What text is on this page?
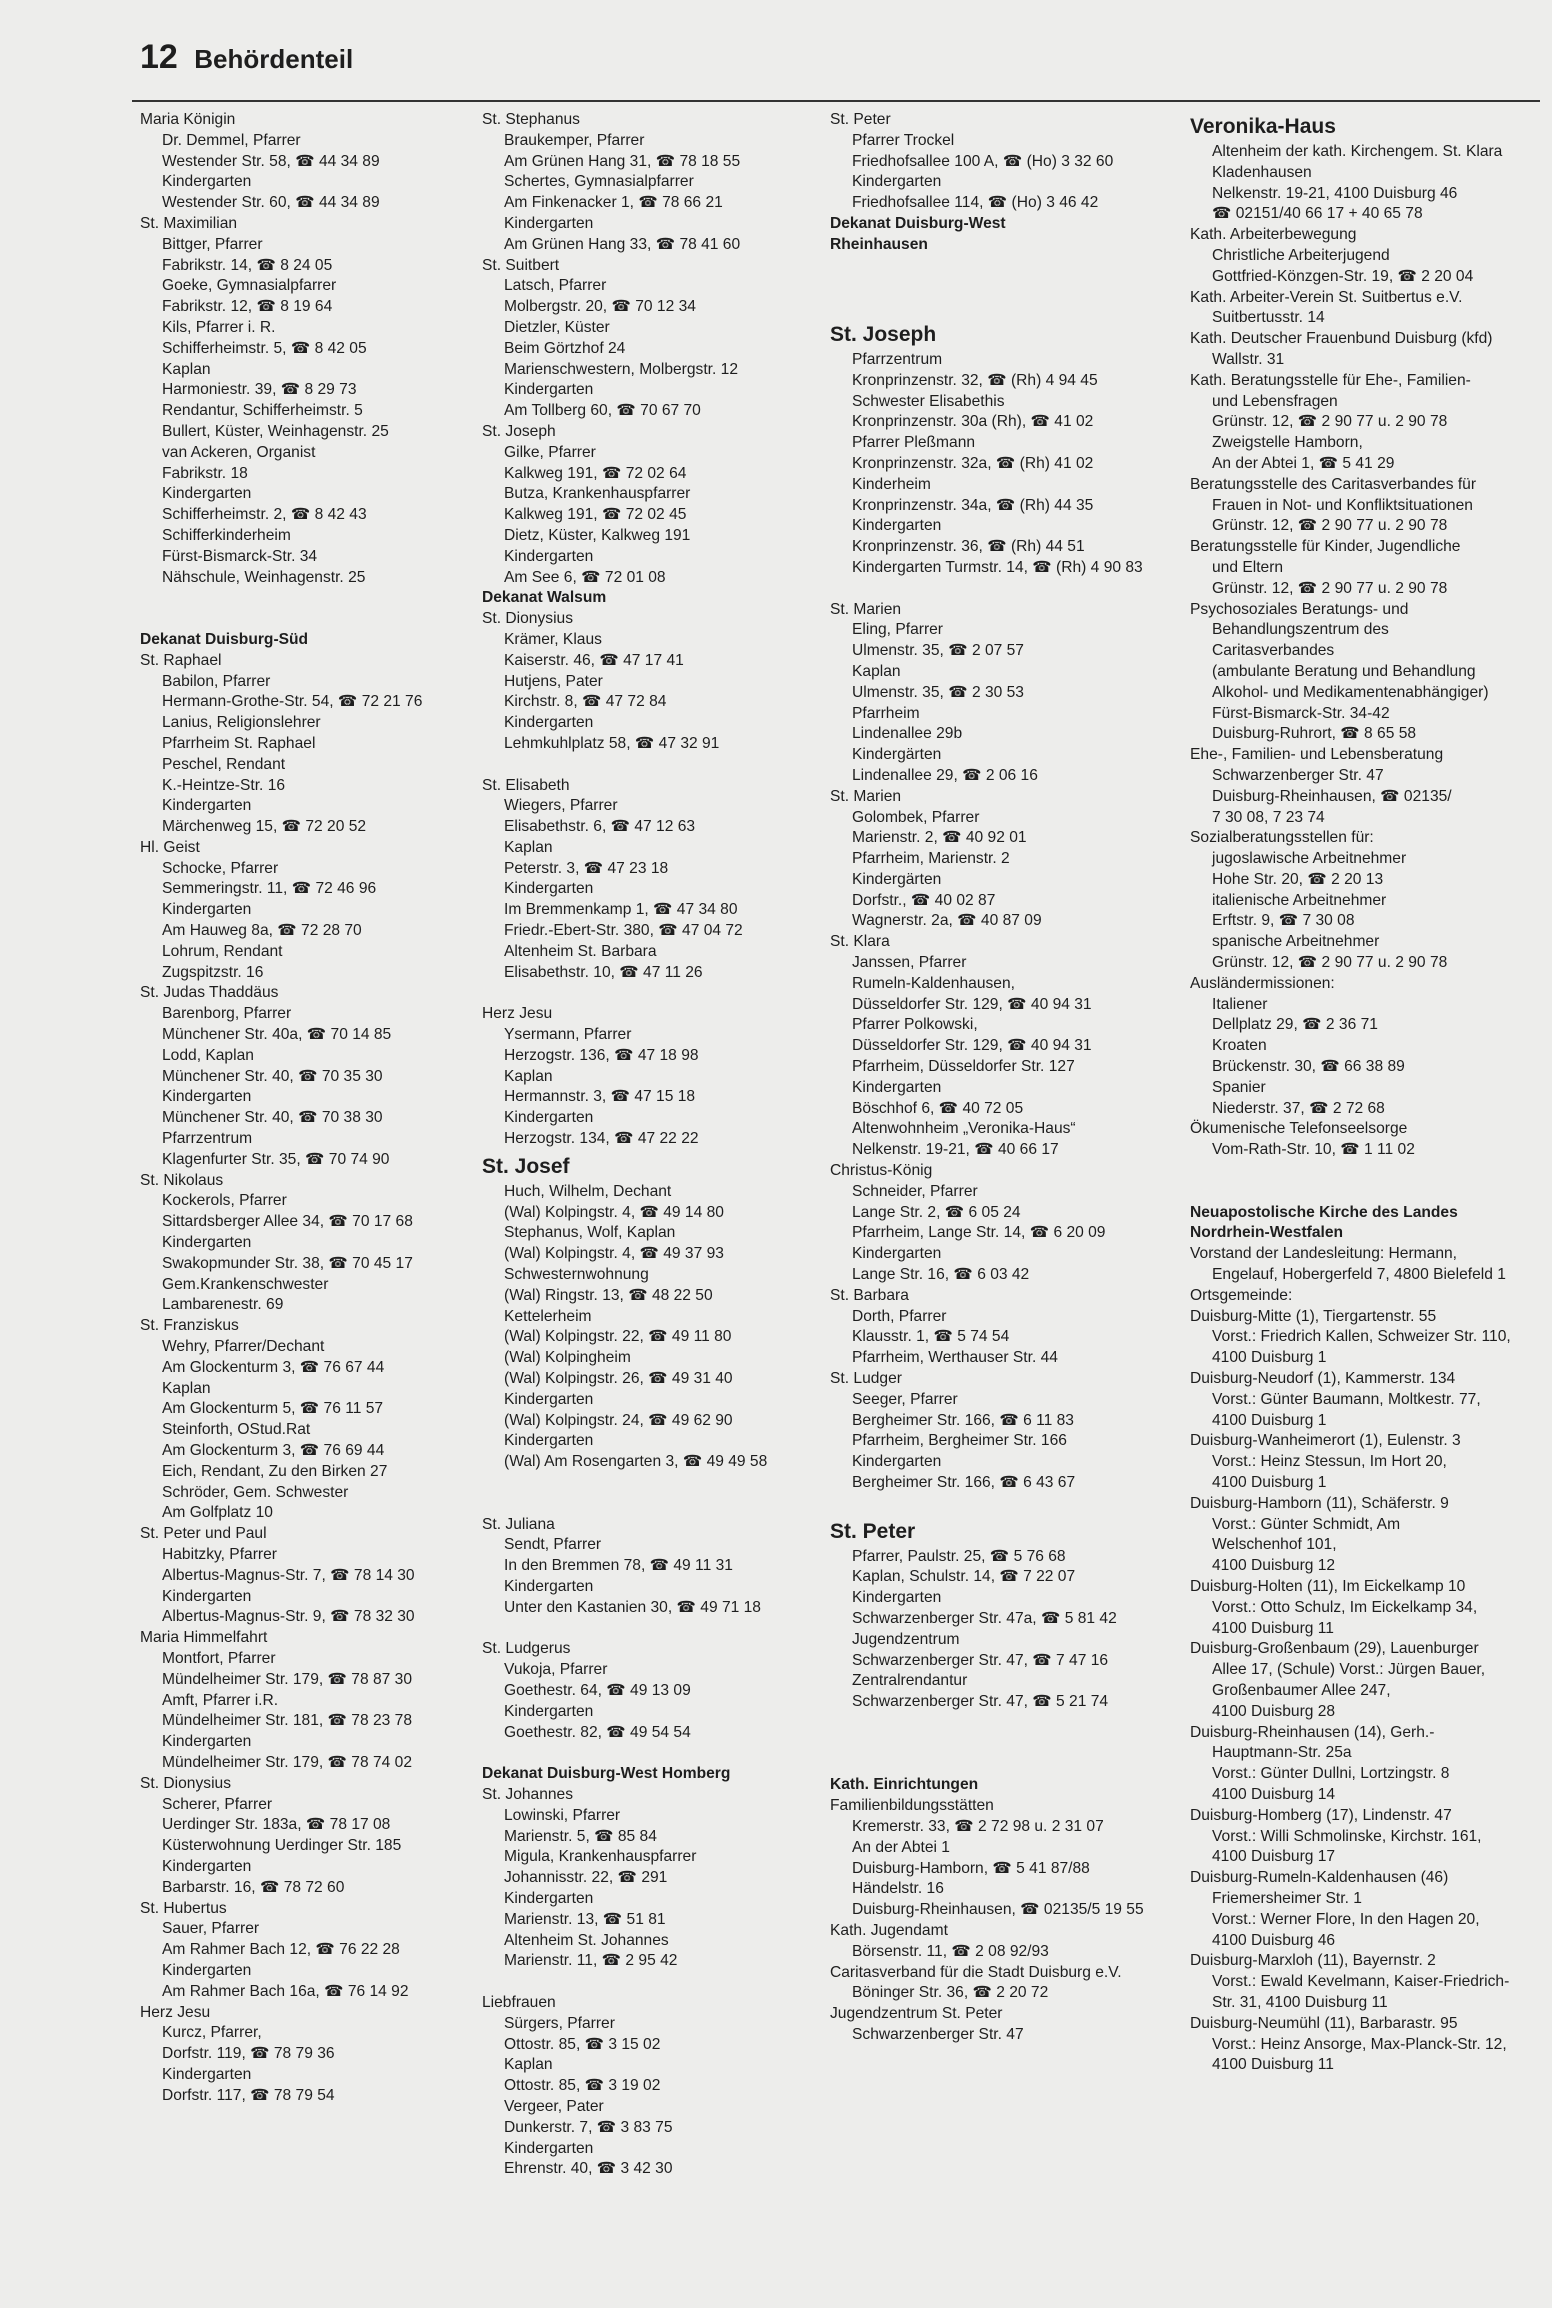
12 Behördenteil
Maria Königin
Dr. Demmel, Pfarrer
Westender Str. 58, ☎ 44 34 89
Kindergarten
Westender Str. 60, ☎ 44 34 89
St. Maximilian
Bittger, Pfarrer
Fabrikstr. 14, ☎ 8 24 05
Goeke, Gymnasialpfarrer
Fabrikstr. 12, ☎ 8 19 64
Kils, Pfarrer i. R.
Schifferheimstr. 5, ☎ 8 42 05
Kaplan
Harmoniestr. 39, ☎ 8 29 73
Rendantur, Schifferheimstr. 5
Bullert, Küster, Weinhagenstr. 25
van Ackeren, Organist
Fabrikstr. 18
Kindergarten
Schifferheimstr. 2, ☎ 8 42 43
Schifferkinderheim
Fürst-Bismarck-Str. 34
Nähschule, Weinhagenstr. 25
Dekanat Duisburg-Süd
St. Raphael
Babilon, Pfarrer
Hermann-Grothe-Str. 54, ☎ 72 21 76
Lanius, Religionslehrer
Pfarrheim St. Raphael
Peschel, Rendant
K.-Heintze-Str. 16
Kindergarten
Märchenweg 15, ☎ 72 20 52
Hl. Geist
Schocke, Pfarrer
Semmeringstr. 11, ☎ 72 46 96
Kindergarten
Am Hauweg 8a, ☎ 72 28 70
Lohrum, Rendant
Zugspitzstr. 16
St. Judas Thaddäus
Barenborg, Pfarrer
Münchener Str. 40a, ☎ 70 14 85
Lodd, Kaplan
Münchener Str. 40, ☎ 70 35 30
Kindergarten
Münchener Str. 40, ☎ 70 38 30
Pfarrzentrum
Klagenfurter Str. 35, ☎ 70 74 90
St. Nikolaus
Kockerols, Pfarrer
Sittardsberger Allee 34, ☎ 70 17 68
Kindergarten
Swakopmunder Str. 38, ☎ 70 45 17
Gem.Krankenschwester
Lambarenestr. 69
St. Franziskus
Wehry, Pfarrer/Dechant
Am Glockenturm 3, ☎ 76 67 44
Kaplan
Am Glockenturm 5, ☎ 76 11 57
Steinforth, OStud.Rat
Am Glockenturm 3, ☎ 76 69 44
Eich, Rendant, Zu den Birken 27
Schröder, Gem. Schwester
Am Golfplatz 10
St. Peter und Paul
Habitzky, Pfarrer
Albertus-Magnus-Str. 7, ☎ 78 14 30
Kindergarten
Albertus-Magnus-Str. 9, ☎ 78 32 30
Maria Himmelfahrt
Montfort, Pfarrer
Mündelheimer Str. 179, ☎ 78 87 30
Amft, Pfarrer i.R.
Mündelheimer Str. 181, ☎ 78 23 78
Kindergarten
Mündelheimer Str. 179, ☎ 78 74 02
St. Dionysius
Scherer, Pfarrer
Uerdinger Str. 183a, ☎ 78 17 08
Küsterwohnung Uerdinger Str. 185
Kindergarten
Barbarstr. 16, ☎ 78 72 60
St. Hubertus
Sauer, Pfarrer
Am Rahmer Bach 12, ☎ 76 22 28
Kindergarten
Am Rahmer Bach 16a, ☎ 76 14 92
Herz Jesu
Kurcz, Pfarrer,
Dorfstr. 119, ☎ 78 79 36
Kindergarten
Dorfstr. 117, ☎ 78 79 54
St. Stephanus
Braukemper, Pfarrer
Am Grünen Hang 31, ☎ 78 18 55
Schertes, Gymnasialpfarrer
Am Finkenacker 1, ☎ 78 66 21
Kindergarten
Am Grünen Hang 33, ☎ 78 41 60
St. Suitbert
Latsch, Pfarrer
Molbergstr. 20, ☎ 70 12 34
Dietzler, Küster
Beim Görtzhof 24
Marienschwestern, Molbergstr. 12
Kindergarten
Am Tollberg 60, ☎ 70 67 70
St. Joseph
Gilke, Pfarrer
Kalkweg 191, ☎ 72 02 64
Butza, Krankenhauspfarrer
Kalkweg 191, ☎ 72 02 45
Dietz, Küster, Kalkweg 191
Kindergarten
Am See 6, ☎ 72 01 08
Dekanat Walsum
St. Dionysius
Krämer, Klaus
Kaiserstr. 46, ☎ 47 17 41
Hutjens, Pater
Kirchstr. 8, ☎ 47 72 84
Kindergarten
Lehmkuhlplatz 58, ☎ 47 32 91
St. Elisabeth
Wiegers, Pfarrer
Elisabethstr. 6, ☎ 47 12 63
Kaplan
Peterstr. 3, ☎ 47 23 18
Kindergarten
Im Bremmenkamp 1, ☎ 47 34 80
Friedr.-Ebert-Str. 380, ☎ 47 04 72
Altenheim St. Barbara
Elisabethstr. 10, ☎ 47 11 26
Herz Jesu
Ysermann, Pfarrer
Herzogstr. 136, ☎ 47 18 98
Kaplan
Hermannstr. 3, ☎ 47 15 18
Kindergarten
Herzogstr. 134, ☎ 47 22 22
St. Josef
Huch, Wilhelm, Dechant
(Wal) Kolpingstr. 4, ☎ 49 14 80
Stephanus, Wolf, Kaplan
(Wal) Kolpingstr. 4, ☎ 49 37 93
Schwesternwohnung
(Wal) Ringstr. 13, ☎ 48 22 50
Kettelerheim
(Wal) Kolpingstr. 22, ☎ 49 11 80
(Wal) Kolpingheim
(Wal) Kolpingstr. 26, ☎ 49 31 40
Kindergarten
(Wal) Kolpingstr. 24, ☎ 49 62 90
Kindergarten
(Wal) Am Rosengarten 3, ☎ 49 49 58
St. Juliana
Sendt, Pfarrer
In den Bremmen 78, ☎ 49 11 31
Kindergarten
Unter den Kastanien 30, ☎ 49 71 18
St. Ludgerus
Vukoja, Pfarrer
Goethestr. 64, ☎ 49 13 09
Kindergarten
Goethestr. 82, ☎ 49 54 54
Dekanat Duisburg-West Homberg
St. Johannes
Lowinski, Pfarrer
Marienstr. 5, ☎ 85 84
Migula, Krankenhauspfarrer
Johannisstr. 22, ☎ 291
Kindergarten
Marienstr. 13, ☎ 51 81
Altenheim St. Johannes
Marienstr. 11, ☎ 2 95 42
Liebfrauen
Sürgers, Pfarrer
Ottostr. 85, ☎ 3 15 02
Kaplan
Ottostr. 85, ☎ 3 19 02
Vergeer, Pater
Dunkerstr. 7, ☎ 3 83 75
Kindergarten
Ehrenstr. 40, ☎ 3 42 30
St. Peter
Pfarrer Trockel
Friedhofsallee 100 A, ☎ (Ho) 3 32 60
Kindergarten
Friedhofsallee 114, ☎ (Ho) 3 46 42
Dekanat Duisburg-West
Rheinhausen
St. Joseph
Pfarrzentrum
Kronprinzenstr. 32, ☎ (Rh) 4 94 45
Schwester Elisabethis
Kronprinzenstr. 30a (Rh), ☎ 41 02
Pfarrer Pleßmann
Kronprinzenstr. 32a, ☎ (Rh) 41 02
Kinderheim
Kronprinzenstr. 34a, ☎ (Rh) 44 35
Kindergarten
Kronprinzenstr. 36, ☎ (Rh) 44 51
Kindergarten Turmstr. 14, ☎ (Rh) 4 90 83
St. Marien
Eling, Pfarrer
Ulmenstr. 35, ☎ 2 07 57
Kaplan
Ulmenstr. 35, ☎ 2 30 53
Pfarrheim
Lindenallee 29b
Kindergärten
Lindenallee 29, ☎ 2 06 16
St. Marien
Golombek, Pfarrer
Marienstr. 2, ☎ 40 92 01
Pfarrheim, Marienstr. 2
Kindergärten
Dorfstr., ☎ 40 02 87
Wagnerstr. 2a, ☎ 40 87 09
St. Klara
Janssen, Pfarrer
Rumeln-Kaldenhausen,
Düsseldorfer Str. 129, ☎ 40 94 31
Pfarrer Polkowski,
Düsseldorfer Str. 129, ☎ 40 94 31
Pfarrheim, Düsseldorfer Str. 127
Kindergarten
Böschhof 6, ☎ 40 72 05
Altenwohnheim „Veronika-Haus“
Nelkenstr. 19-21, ☎ 40 66 17
Christus-König
Schneider, Pfarrer
Lange Str. 2, ☎ 6 05 24
Pfarrheim, Lange Str. 14, ☎ 6 20 09
Kindergarten
Lange Str. 16, ☎ 6 03 42
St. Barbara
Dorth, Pfarrer
Klausstr. 1, ☎ 5 74 54
Pfarrheim, Werthauser Str. 44
St. Ludger
Seeger, Pfarrer
Bergheimer Str. 166, ☎ 6 11 83
Pfarrheim, Bergheimer Str. 166
Kindergarten
Bergheimer Str. 166, ☎ 6 43 67
St. Peter
Pfarrer, Paulstr. 25, ☎ 5 76 68
Kaplan, Schulstr. 14, ☎ 7 22 07
Kindergarten
Schwarzenberger Str. 47a, ☎ 5 81 42
Jugendzentrum
Schwarzenberger Str. 47, ☎ 7 47 16
Zentralrendantur
Schwarzenberger Str. 47, ☎ 5 21 74
Kath. Einrichtungen
Familienbildungsstätten
Kremerstr. 33, ☎ 2 72 98 u. 2 31 07
An der Abtei 1
Duisburg-Hamborn, ☎ 5 41 87/88
Händelstr. 16
Duisburg-Rheinhausen, ☎ 02135/5 19 55
Kath. Jugendamt
Börsenstr. 11, ☎ 2 08 92/93
Caritasverband für die Stadt Duisburg e.V.
Böninger Str. 36, ☎ 2 20 72
Jugendzentrum St. Peter
Schwarzenberger Str. 47
Veronika-Haus
Altenheim der kath. Kirchengem. St. Klara
Kladenhausen
Nelkenstr. 19-21, 4100 Duisburg 46
☎ 02151/40 66 17 + 40 65 78
Kath. Arbeiterbewegung
Christliche Arbeiterjugend
Gottfried-Könzgen-Str. 19, ☎ 2 20 04
Kath. Arbeiter-Verein St. Suitbertus e.V.
Suitbertusstr. 14
Kath. Deutscher Frauenbund Duisburg (kfd)
Wallstr. 31
Kath. Beratungsstelle für Ehe-, Familien-
und Lebensfragen
Grünstr. 12, ☎ 2 90 77 u. 2 90 78
Zweigstelle Hamborn,
An der Abtei 1, ☎ 5 41 29
Beratungsstelle des Caritasverbandes für
Frauen in Not- und Konfliktsituationen
Grünstr. 12, ☎ 2 90 77 u. 2 90 78
Beratungsstelle für Kinder, Jugendliche
und Eltern
Grünstr. 12, ☎ 2 90 77 u. 2 90 78
Psychosoziales Beratungs- und
Behandlungszentrum des
Caritasverbandes
(ambulante Beratung und Behandlung
Alkohol- und Medikamentenabhängiger)
Fürst-Bismarck-Str. 34-42
Duisburg-Ruhrort, ☎ 8 65 58
Ehe-, Familien- und Lebensberatung
Schwarzenberger Str. 47
Duisburg-Rheinhausen, ☎ 02135/
7 30 08, 7 23 74
Sozialberatungsstellen für:
jugoslawische Arbeitnehmer
Hohe Str. 20, ☎ 2 20 13
italienische Arbeitnehmer
Erftstr. 9, ☎ 7 30 08
spanische Arbeitnehmer
Grünstr. 12, ☎ 2 90 77 u. 2 90 78
Ausländermissionen:
Italiener
Dellplatz 29, ☎ 2 36 71
Kroaten
Brückenstr. 30, ☎ 66 38 89
Spanier
Niederstr. 37, ☎ 2 72 68
Ökumenische Telefonseelsorge
Vom-Rath-Str. 10, ☎ 1 11 02
Neuapostolische Kirche des Landes
Nordrhein-Westfalen
Vorstand der Landesleitung: Hermann,
Engelauf, Hobergerfeld 7, 4800 Bielefeld 1
Ortsgemeinde:
Duisburg-Mitte (1), Tiergartenstr. 55
Vorst.: Friedrich Kallen, Schweizer Str. 110,
4100 Duisburg 1
Duisburg-Neudorf (1), Kammerstr. 134
Vorst.: Günter Baumann, Moltkestr. 77,
4100 Duisburg 1
Duisburg-Wanheimerort (1), Eulenstr. 3
Vorst.: Heinz Stessun, Im Hort 20,
4100 Duisburg 1
Duisburg-Hamborn (11), Schäferstr. 9
Vorst.: Günter Schmidt, Am
Welschenhof 101,
4100 Duisburg 12
Duisburg-Holten (11), Im Eickelkamp 10
Vorst.: Otto Schulz, Im Eickelkamp 34,
4100 Duisburg 11
Duisburg-Großenbaum (29), Lauenburger
Allee 17, (Schule) Vorst.: Jürgen Bauer,
Großenbaumer Allee 247,
4100 Duisburg 28
Duisburg-Rheinhausen (14), Gerh.-
Hauptmann-Str. 25a
Vorst.: Günter Dullni, Lortzingstr. 8
4100 Duisburg 14
Duisburg-Homberg (17), Lindenstr. 47
Vorst.: Willi Schmolinske, Kirchstr. 161,
4100 Duisburg 17
Duisburg-Rumeln-Kaldenhausen (46)
Friemersheimer Str. 1
Vorst.: Werner Flore, In den Hagen 20,
4100 Duisburg 46
Duisburg-Marxloh (11), Bayernstr. 2
Vorst.: Ewald Kevelmann, Kaiser-Friedrich-
Str. 31, 4100 Duisburg 11
Duisburg-Neumühl (11), Barbarastr. 95
Vorst.: Heinz Ansorge, Max-Planck-Str. 12,
4100 Duisburg 11
